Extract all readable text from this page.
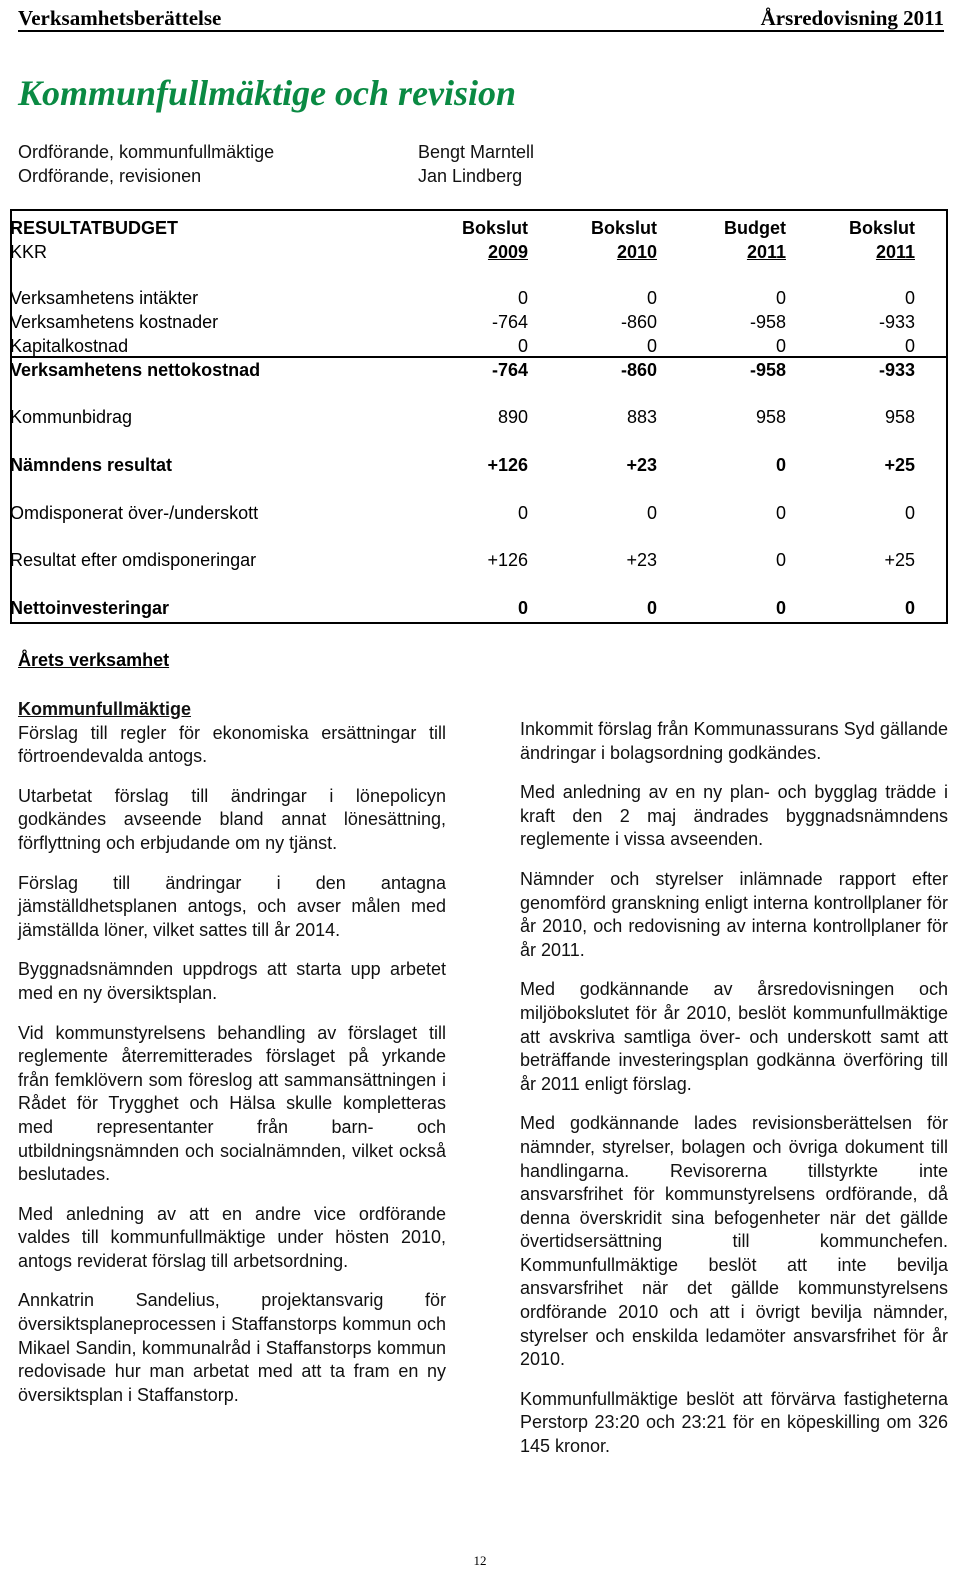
Verksamhetsberättelse	Årsredovisning 2011
Kommunfullmäktige och revision
Ordförande, kommunfullmäktige	Bengt Marntell
Ordförande, revisionen	Jan Lindberg
RESULTATBUDGET	Bokslut	Bokslut	Budget	Bokslut
KKR	2009	2010	2011	2011
Verksamhetens intäkter	0	0	0	0
Verksamhetens kostnader	-764	-860	-958	-933
Kapitalkostnad	0	0	0	0
Verksamhetens nettokostnad	-764	-860	-958	-933
Kommunbidrag	890	883	958	958
Nämndens resultat	+126	+23	0	+25
Omdisponerat över-/underskott	0	0	0	0
Resultat efter omdisponeringar	+126	+23	0	+25
Nettoinvesteringar	0	0	0	0
Årets verksamhet
Kommunfullmäktige

Förslag till regler för ekonomiska ersättningar till förtroendevalda antogs.

Utarbetat förslag till ändringar i lönepolicyn godkändes avseende bland annat lönesättning, förflyttning och erbjudande om ny tjänst.

Förslag till ändringar i den antagna jämställdhetsplanen antogs, och avser målen med jämställda löner, vilket sattes till år 2014.

Byggnadsnämnden uppdrogs att starta upp arbetet med en ny översiktsplan.

Vid kommunstyrelsens behandling av förslaget till reglemente återremitterades förslaget på yrkande från femklövern som föreslog att sammansättningen i Rådet för Trygghet och Hälsa skulle kompletteras med representanter från barn- och utbildningsnämnden och socialnämnden, vilket också beslutades.

Med anledning av att en andre vice ordförande valdes till kommunfullmäktige under hösten 2010, antogs reviderat förslag till arbetsordning.

Annkatrin Sandelius, projektansvarig för översiktsplaneprocessen i Staffanstorps kommun och Mikael Sandin, kommunalråd i Staffanstorps kommun redovisade hur man arbetat med att ta fram en ny översiktsplan i Staffanstorp.

Inkommit förslag från Kommunassurans Syd gällande ändringar i bolagsordning godkändes.

Med anledning av en ny plan- och bygglag trädde i kraft den 2 maj ändrades byggnadsnämndens reglemente i vissa avseenden.

Nämnder och styrelser inlämnade rapport efter genomförd granskning enligt interna kontrollplaner för år 2010, och redovisning av interna kontrollplaner för år 2011.

Med godkännande av årsredovisningen och miljöbokslutet för år 2010, beslöt kommunfullmäktige att avskriva samtliga över- och underskott samt att beträffande investeringsplan godkänna överföring till år 2011 enligt förslag.

Med godkännande lades revisionsberättelsen för nämnder, styrelser, bolagen och övriga dokument till handlingarna. Revisorerna tillstyrkte inte ansvarsfrihet för kommunstyrelsens ordförande, då denna överskridit sina befogenheter när det gällde övertidsersättning till kommunchefen. Kommunfullmäktige beslöt att inte bevilja ansvarsfrihet när det gällde kommunstyrelsens ordförande 2010 och att i övrigt bevilja nämnder, styrelser och enskilda ledamöter ansvarsfrihet för år 2010.

Kommunfullmäktige beslöt att förvärva fastigheterna Perstorp 23:20 och 23:21 för en köpeskilling om 326 145 kronor.

12
